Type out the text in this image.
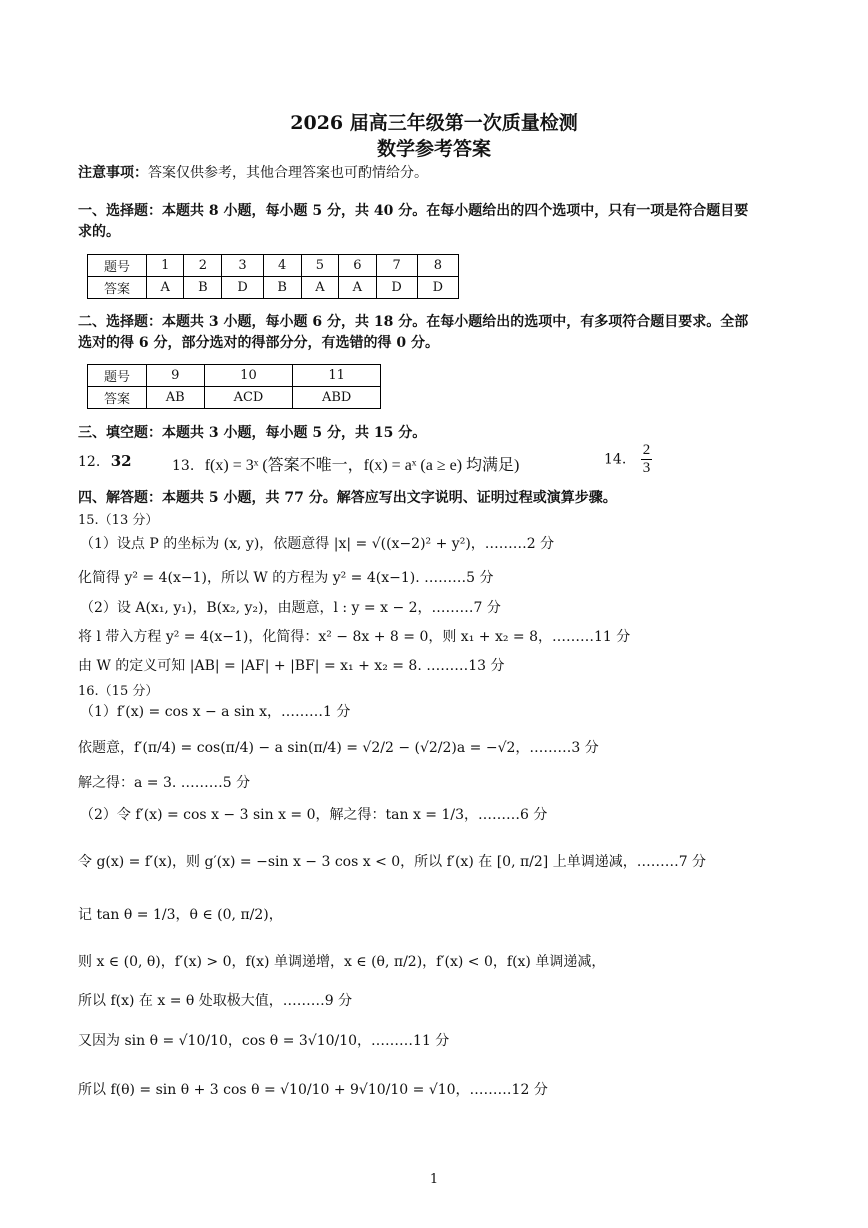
2026 届高三年级第一次质量检测
数学参考答案
注意事项：答案仅供参考，其他合理答案也可酌情给分。
一、选择题：本题共 8 小题，每小题 5 分，共 40 分。在每小题给出的四个选项中，只有一项是符合题目要
求的。
题号	1	2	3	4	5	6	7	8
答案	A	B	D	B	A	A	D	D
二、选择题：本题共 3 小题，每小题 6 分，共 18 分。在每小题给出的选项中，有多项符合题目要求。全部
选对的得 6 分，部分选对的得部分分，有选错的得 0 分。
题号	9	10	11
答案	AB	ACD	ABD
三、填空题：本题共 3 小题，每小题 5 分，共 15 分。
12. 32	13. f(x) = 3ˣ (答案不唯一，f(x) = aˣ (a ≥ e) 均满足)	14. $\frac{2}{3}$
四、解答题：本题共 5 小题，共 77 分。解答应写出文字说明、证明过程或演算步骤。
15.（13 分）
（1）设点 P 的坐标为 (x, y)，依题意得 |x| = √((x−2)² + y²)，………2 分
化简得 y² = 4(x−1)，所以 W 的方程为 y² = 4(x−1). ………5 分
（2）设 A(x₁, y₁)，B(x₂, y₂)，由题意，l : y = x − 2，………7 分
将 l 带入方程 y² = 4(x−1)，化简得：x² − 8x + 8 = 0，则 x₁ + x₂ = 8，………11 分
由 W 的定义可知 |AB| = |AF| + |BF| = x₁ + x₂ = 8. ………13 分
16.（15 分）
（1）f′(x) = cos x − a sin x，………1 分
依题意，f′(π/4) = cos(π/4) − a sin(π/4) = √2/2 − (√2/2)a = −√2，………3 分
解之得：a = 3. ………5 分
（2）令 f′(x) = cos x − 3 sin x = 0，解之得：tan x = 1/3，………6 分
令 g(x) = f′(x)，则 g′(x) = −sin x − 3 cos x < 0，所以 f′(x) 在 [0, π/2] 上单调递减，………7 分
记 tan θ = 1/3，θ ∈ (0, π/2)，
则 x ∈ (0, θ)，f′(x) > 0，f(x) 单调递增，x ∈ (θ, π/2)，f′(x) < 0，f(x) 单调递减，
所以 f(x) 在 x = θ 处取极大值，………9 分
又因为 sin θ = √10/10，cos θ = 3√10/10，………11 分
所以 f(θ) = sin θ + 3 cos θ = √10/10 + 9√10/10 = √10，………12 分
1
